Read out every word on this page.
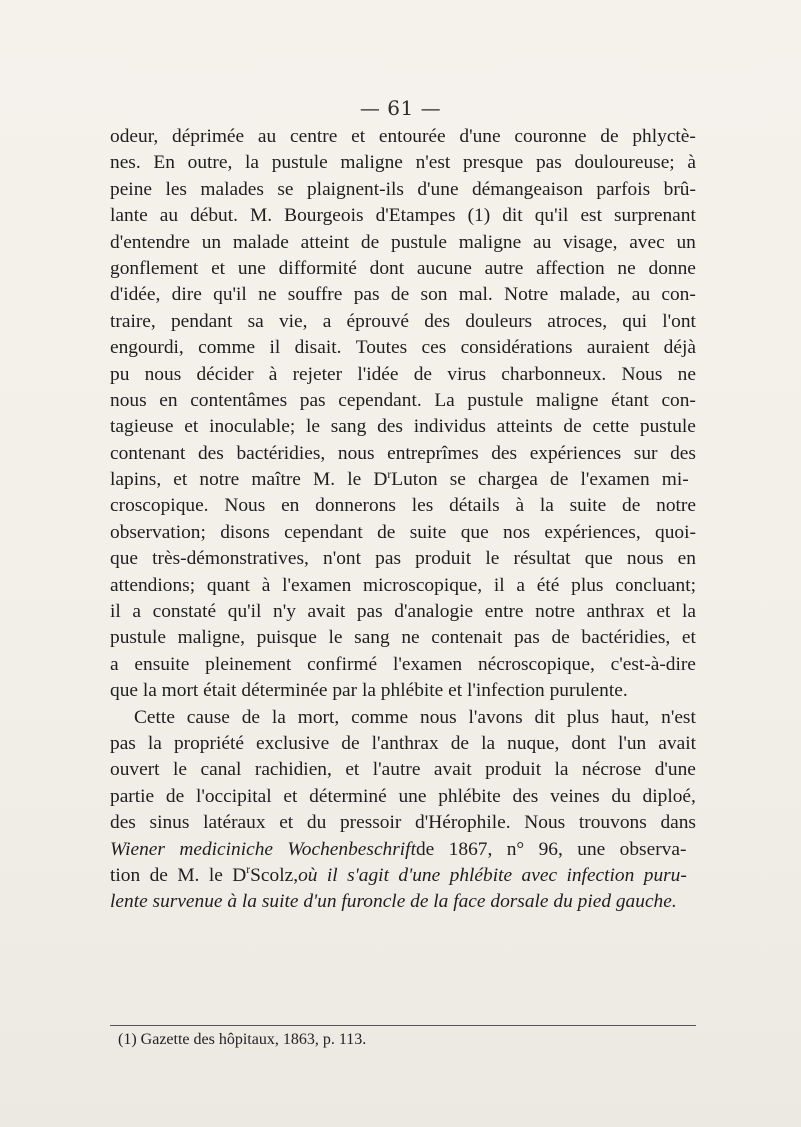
— 61 —
odeur, déprimée au centre et entourée d'une couronne de phlyctè-
nes. En outre, la pustule maligne n'est presque pas douloureuse; à
peine les malades se plaignent-ils d'une démangeaison parfois brû-
lante au début. M. Bourgeois d'Etampes (1) dit qu'il est surprenant
d'entendre un malade atteint de pustule maligne au visage, avec un
gonflement et une difformité dont aucune autre affection ne donne
d'idée, dire qu'il ne souffre pas de son mal. Notre malade, au con-
traire, pendant sa vie, a éprouvé des douleurs atroces, qui l'ont
engourdi, comme il disait. Toutes ces considérations auraient déjà
pu nous décider à rejeter l'idée de virus charbonneux. Nous ne
nous en contentâmes pas cependant. La pustule maligne étant con-
tagieuse et inoculable; le sang des individus atteints de cette pustule
contenant des bactéridies, nous entreprîmes des expériences sur des
lapins, et notre maître M. le DrLuton se chargea de l'examen mi-
croscopique. Nous en donnerons les détails à la suite de notre
observation; disons cependant de suite que nos expériences, quoi-
que très-démonstratives, n'ont pas produit le résultat que nous en
attendions; quant à l'examen microscopique, il a été plus concluant;
il a constaté qu'il n'y avait pas d'analogie entre notre anthrax et la
pustule maligne, puisque le sang ne contenait pas de bactéridies, et
a ensuite pleinement confirmé l'examen nécroscopique, c'est-à-dire
que la mort était déterminée par la phlébite et l'infection purulente.
Cette cause de la mort, comme nous l'avons dit plus haut, n'est
pas la propriété exclusive de l'anthrax de la nuque, dont l'un avait
ouvert le canal rachidien, et l'autre avait produit la nécrose d'une
partie de l'occipital et déterminé une phlébite des veines du diploé,
des sinus latéraux et du pressoir d'Hérophile. Nous trouvons dans
Wiener mediciniche Wochenbeschriftde 1867, n° 96, une observa-
tion de M. le DrScolz,où il s'agit d'une phlébite avec infection puru-
lente survenue à la suite d'un furoncle de la face dorsale du pied gauche.
(1) Gazette des hôpitaux, 1863, p. 113.
